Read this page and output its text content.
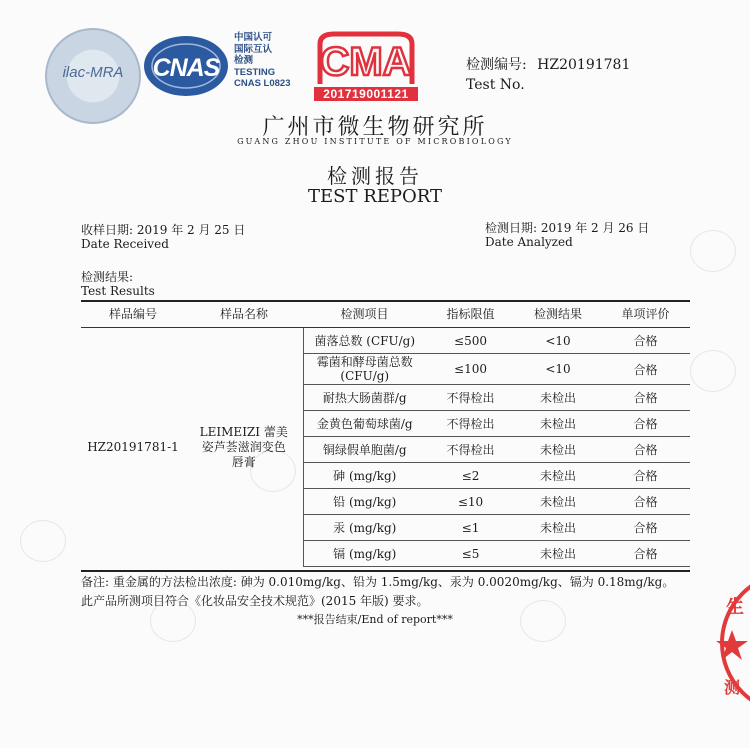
ilac-MRA	CNAS
中国认可
国际互认
检测
TESTING
CNAS L0823 CMA
201719001121
检测编号: HZ20191781
Test No.
广州市微生物研究所
GUANG ZHOU INSTITUTE OF MICROBIOLOGY
检测报告
TEST REPORT
收样日期: 2019 年 2 月 25 日
Date Received
检测日期: 2019 年 2 月 26 日
Date Analyzed
检测结果:
Test Results
样品编号	样品名称	检测项目	指标限值	检测结果	单项评价
HZ20191781-1	LEIMEIZI 蕾美
姿芦荟滋润变色
唇膏	菌落总数 (CFU/g)	≤500	<10	合格
		霉菌和酵母菌总数 (CFU/g)	≤100	<10	合格
		耐热大肠菌群/g	不得检出	未检出	合格
		金黄色葡萄球菌/g	不得检出	未检出	合格
		铜绿假单胞菌/g	不得检出	未检出	合格
		砷 (mg/kg)	≤2	未检出	合格
		铅 (mg/kg)	≤10	未检出	合格
		汞 (mg/kg)	≤1	未检出	合格
		镉 (mg/kg)	≤5	未检出	合格
备注: 重金属的方法检出浓度: 砷为 0.010mg/kg、铅为 1.5mg/kg、汞为 0.0020mg/kg、镉为 0.18mg/kg。
此产品所测项目符合《化妆品安全技术规范》(2015 年版) 要求。
***报告结束/End of report***
生
测
